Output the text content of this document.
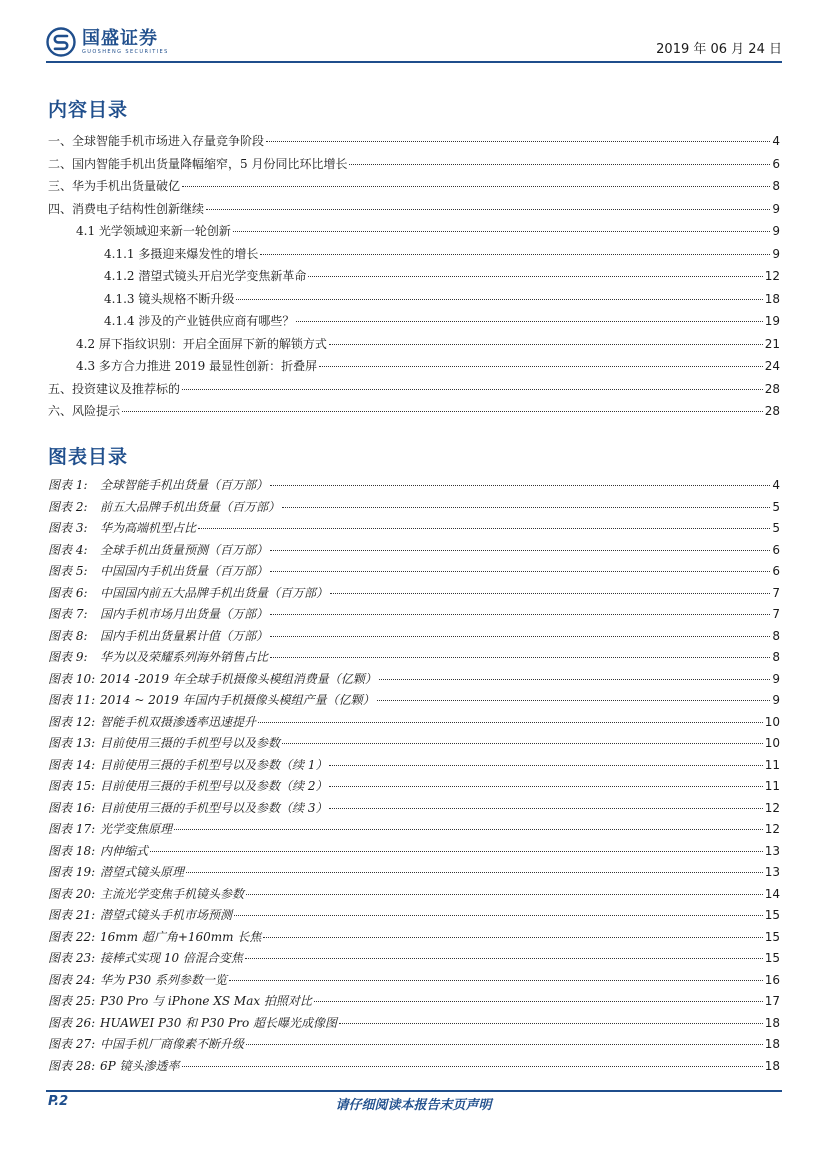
国盛证券
GUOSHENG SECURITIES	2019 年 06 月 24 日
内容目录
一、全球智能手机市场进入存量竞争阶段	4
二、国内智能手机出货量降幅缩窄，5 月份同比环比增长	6
三、华为手机出货量破亿	8
四、消费电子结构性创新继续	9
4.1 光学领域迎来新一轮创新	9
4.1.1 多摄迎来爆发性的增长	9
4.1.2 潜望式镜头开启光学变焦新革命	12
4.1.3 镜头规格不断升级	18
4.1.4 涉及的产业链供应商有哪些？	19
4.2 屏下指纹识别：开启全面屏下新的解锁方式	21
4.3 多方合力推进 2019 最显性创新：折叠屏	24
五、投资建议及推荐标的	28
六、风险提示	28
图表目录
图表 1:	全球智能手机出货量（百万部）	4
图表 2:	前五大品牌手机出货量（百万部）	5
图表 3:	华为高端机型占比	5
图表 4:	全球手机出货量预测（百万部）	6
图表 5:	中国国内手机出货量（百万部）	6
图表 6:	中国国内前五大品牌手机出货量（百万部）	7
图表 7:	国内手机市场月出货量（万部）	7
图表 8:	国内手机出货量累计值（万部）	8
图表 9:	华为以及荣耀系列海外销售占比	8
图表 10: 2014 -2019 年全球手机摄像头模组消费量（亿颗）	9
图表 11: 2014 ~ 2019 年国内手机摄像头模组产量（亿颗）	9
图表 12: 智能手机双摄渗透率迅速提升	10
图表 13: 目前使用三摄的手机型号以及参数	10
图表 14: 目前使用三摄的手机型号以及参数（续 1）	11
图表 15: 目前使用三摄的手机型号以及参数（续 2）	11
图表 16: 目前使用三摄的手机型号以及参数（续 3）	12
图表 17: 光学变焦原理	12
图表 18: 内伸缩式	13
图表 19: 潜望式镜头原理	13
图表 20: 主流光学变焦手机镜头参数	14
图表 21: 潜望式镜头手机市场预测	15
图表 22: 16mm 超广角+160mm 长焦	15
图表 23: 接棒式实现 10 倍混合变焦	15
图表 24: 华为 P30 系列参数一览	16
图表 25: P30 Pro 与 iPhone XS Max 拍照对比	17
图表 26: HUAWEI P30 和 P30 Pro 超长曝光成像图	18
图表 27: 中国手机厂商像素不断升级	18
图表 28: 6P 镜头渗透率	18
P.2	请仔细阅读本报告末页声明
